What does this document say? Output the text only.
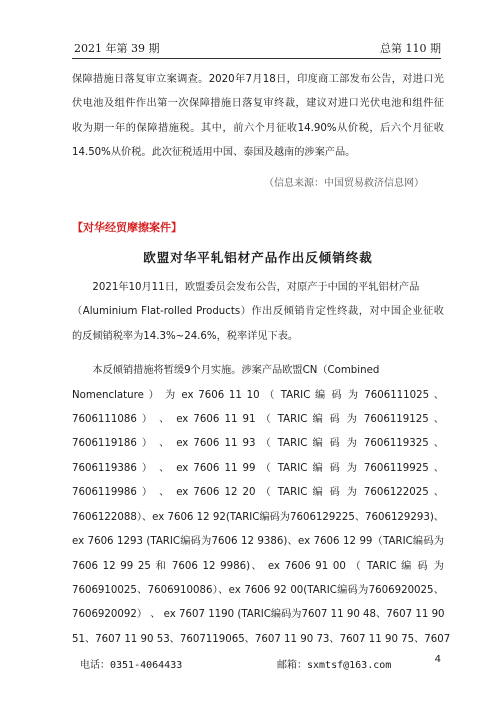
2021 年第 39 期	总第 110 期
保障措施日落复审立案调查。2020年7月18日，印度商工部发布公告，对进口光
伏电池及组件作出第一次保障措施日落复审终裁，建议对进口光伏电池和组件征
收为期一年的保障措施税。其中，前六个月征收14.90%从价税，后六个月征收
14.50%从价税。此次征税适用中国、泰国及越南的涉案产品。
（信息来源：中国贸易救济信息网）
【对华经贸摩擦案件】
欧盟对华平轧铝材产品作出反倾销终裁
2021年10月11日，欧盟委员会发布公告，对原产于中国的平轧铝材产品
（Aluminium Flat-rolled Products）作出反倾销肯定性终裁，对中国企业征收
的反倾销税率为14.3%~24.6%，税率详见下表。
本反倾销措施将暂缓9个月实施。涉案产品欧盟CN（Combined
Nomenclature ） 为 ex 7606 11 10 （ TARIC 编 码 为 7606111025 、
7606111086 ） 、 ex 7606 11 91 （ TARIC 编 码 为 7606119125 、
7606119186 ） 、 ex 7606 11 93 （ TARIC 编 码 为 7606119325 、
7606119386 ） 、 ex 7606 11 99 （ TARIC 编 码 为 7606119925 、
7606119986 ） 、 ex 7606 12 20 （ TARIC 编 码 为 7606122025 、
7606122088）、ex 7606 12 92(TARIC编码为7606129225、7606129293)、
ex 7606 1293 (TARIC编码为7606 12 9386)、ex 7606 12 99（TARIC编码为
7606 12 99 25 和 7606 12 9986)、 ex 7606 91 00 （ TARIC 编 码 为
7606910025、7606910086）、ex 7606 92 00(TARIC编码为7606920025、
7606920092） 、 ex 7607 1190 (TARIC编码为7607 11 90 48、7607 11 90
51、7607 11 90 53、7607119065、7607 11 90 73、7607 11 90 75、7607
电话：0351-4064433	邮箱：sxmtsf@163.com
4
